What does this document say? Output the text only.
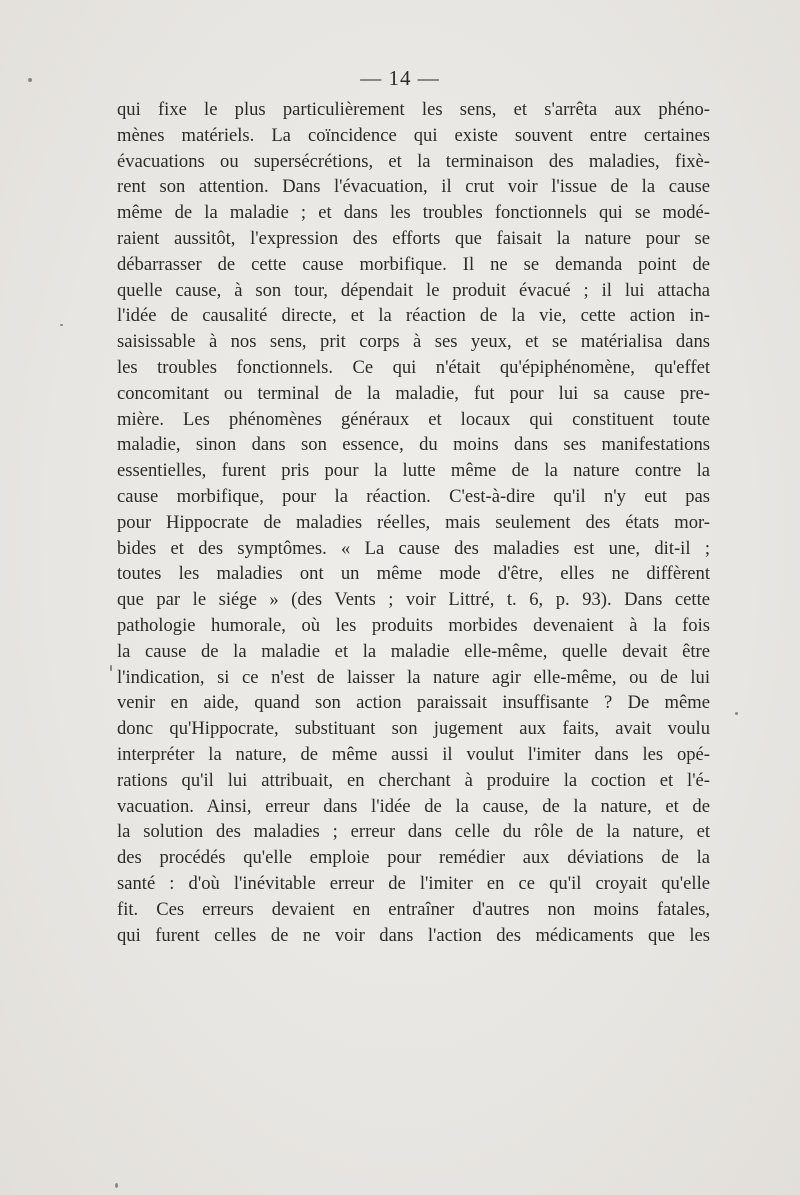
— 14 —
qui fixe le plus particulièrement les sens, et s'arrêta aux phéno-
mènes matériels. La coïncidence qui existe souvent entre certaines
évacuations ou supersécrétions, et la terminaison des maladies, fixè-
rent son attention. Dans l'évacuation, il crut voir l'issue de la cause
même de la maladie ; et dans les troubles fonctionnels qui se modé-
raient aussitôt, l'expression des efforts que faisait la nature pour se
débarrasser de cette cause morbifique. Il ne se demanda point de
quelle cause, à son tour, dépendait le produit évacué ; il lui attacha
l'idée de causalité directe, et la réaction de la vie, cette action in-
saisissable à nos sens, prit corps à ses yeux, et se matérialisa dans
les troubles fonctionnels. Ce qui n'était qu'épiphénomène, qu'effet
concomitant ou terminal de la maladie, fut pour lui sa cause pre-
mière. Les phénomènes généraux et locaux qui constituent toute
maladie, sinon dans son essence, du moins dans ses manifestations
essentielles, furent pris pour la lutte même de la nature contre la
cause morbifique, pour la réaction. C'est-à-dire qu'il n'y eut pas
pour Hippocrate de maladies réelles, mais seulement des états mor-
bides et des symptômes. « La cause des maladies est une, dit-il ;
toutes les maladies ont un même mode d'être, elles ne diffèrent
que par le siége » (des Vents ; voir Littré, t. 6, p. 93). Dans cette
pathologie humorale, où les produits morbides devenaient à la fois
la cause de la maladie et la maladie elle-même, quelle devait être
l'indication, si ce n'est de laisser la nature agir elle-même, ou de lui
venir en aide, quand son action paraissait insuffisante ? De même
donc qu'Hippocrate, substituant son jugement aux faits, avait voulu
interpréter la nature, de même aussi il voulut l'imiter dans les opé-
rations qu'il lui attribuait, en cherchant à produire la coction et l'é-
vacuation. Ainsi, erreur dans l'idée de la cause, de la nature, et de
la solution des maladies ; erreur dans celle du rôle de la nature, et
des procédés qu'elle emploie pour remédier aux déviations de la
santé : d'où l'inévitable erreur de l'imiter en ce qu'il croyait qu'elle
fit. Ces erreurs devaient en entraîner d'autres non moins fatales,
qui furent celles de ne voir dans l'action des médicaments que les
